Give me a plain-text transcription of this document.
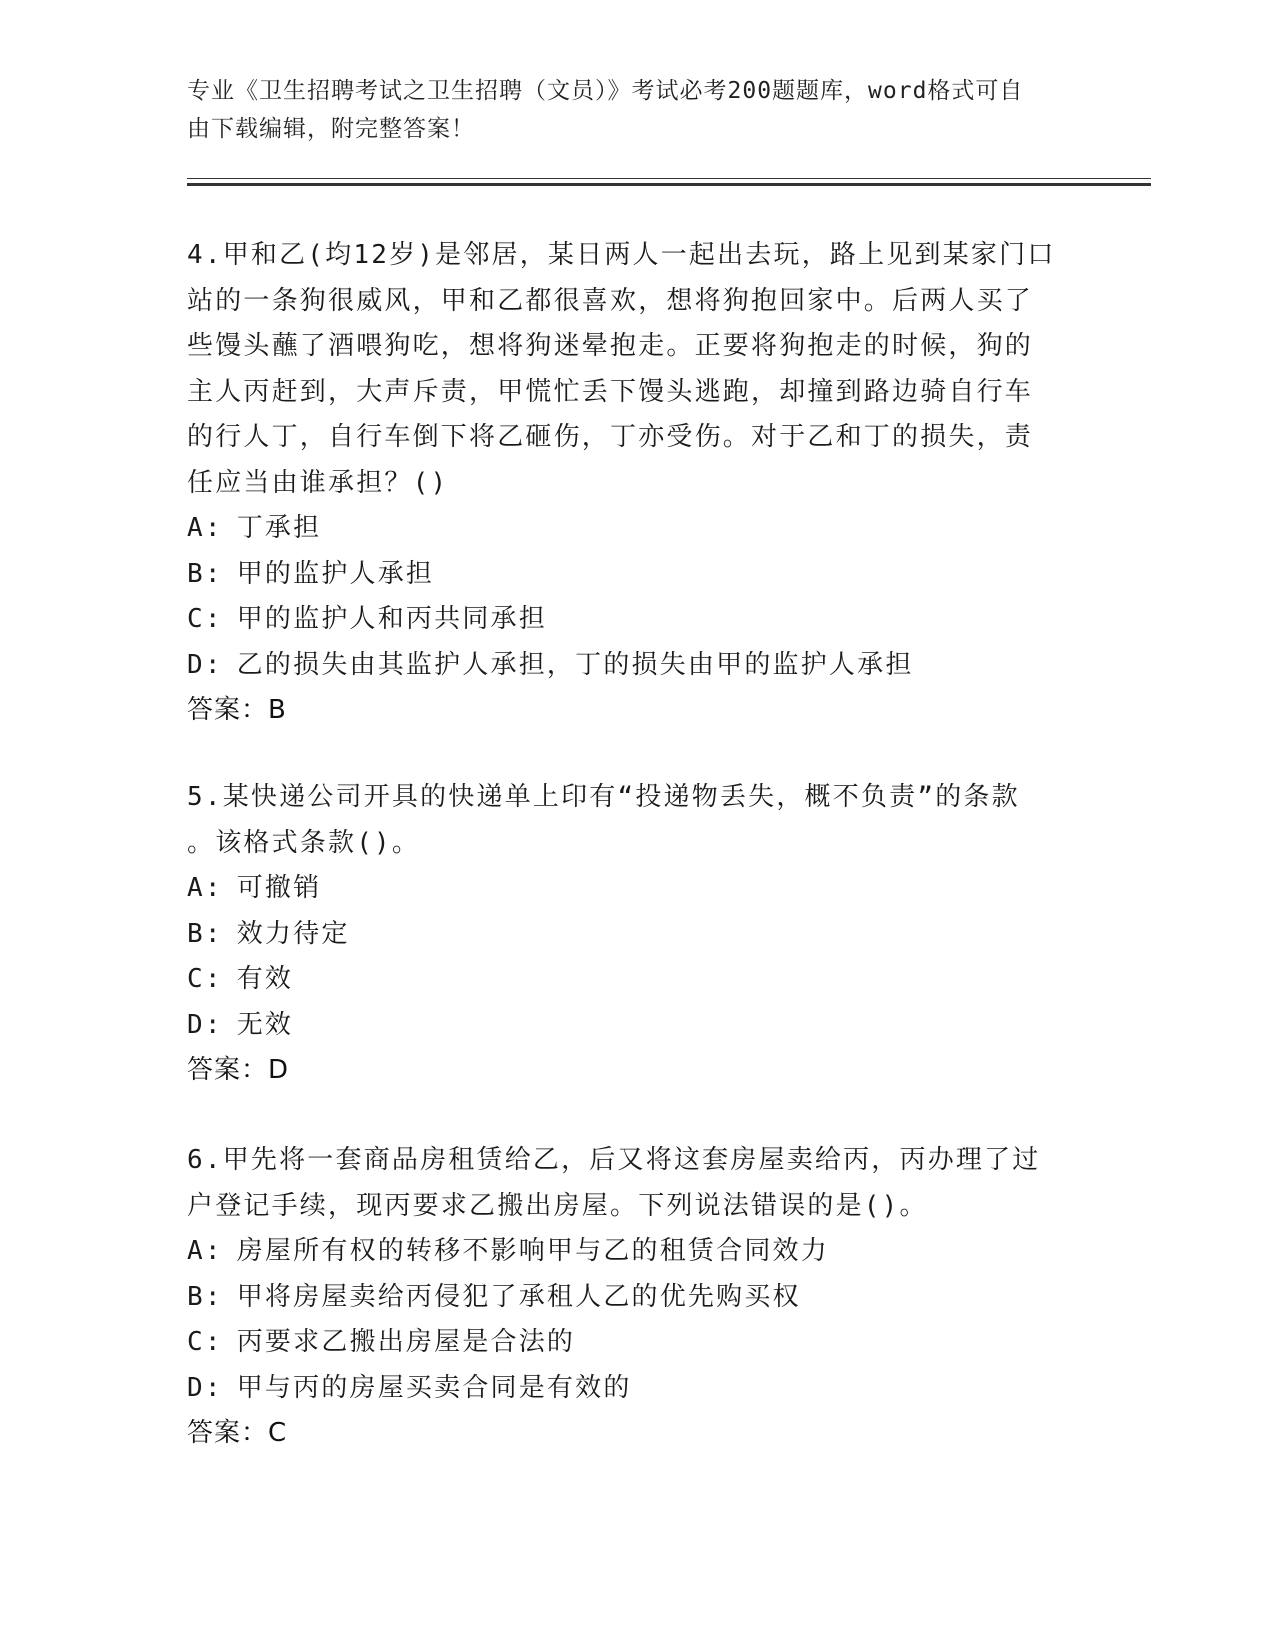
专业《卫生招聘考试之卫生招聘（文员）》考试必考200题题库，word格式可自
由下载编辑，附完整答案！

4.甲和乙(均12岁)是邻居，某日两人一起出去玩，路上见到某家门口

站的一条狗很威风，甲和乙都很喜欢，想将狗抱回家中。后两人买了

些馒头蘸了酒喂狗吃，想将狗迷晕抱走。正要将狗抱走的时候，狗的

主人丙赶到，大声斥责，甲慌忙丢下馒头逃跑，却撞到路边骑自行车

的行人丁，自行车倒下将乙砸伤，丁亦受伤。对于乙和丁的损失，责

任应当由谁承担？()

A: 丁承担

B: 甲的监护人承担

C: 甲的监护人和丙共同承担

D: 乙的损失由其监护人承担，丁的损失由甲的监护人承担

答案：B

5.某快递公司开具的快递单上印有“投递物丢失，概不负责”的条款

。该格式条款()。

A: 可撤销

B: 效力待定

C: 有效

D: 无效

答案：D

6.甲先将一套商品房租赁给乙，后又将这套房屋卖给丙，丙办理了过

户登记手续，现丙要求乙搬出房屋。下列说法错误的是()。

A: 房屋所有权的转移不影响甲与乙的租赁合同效力

B: 甲将房屋卖给丙侵犯了承租人乙的优先购买权

C: 丙要求乙搬出房屋是合法的

D: 甲与丙的房屋买卖合同是有效的

答案：C
